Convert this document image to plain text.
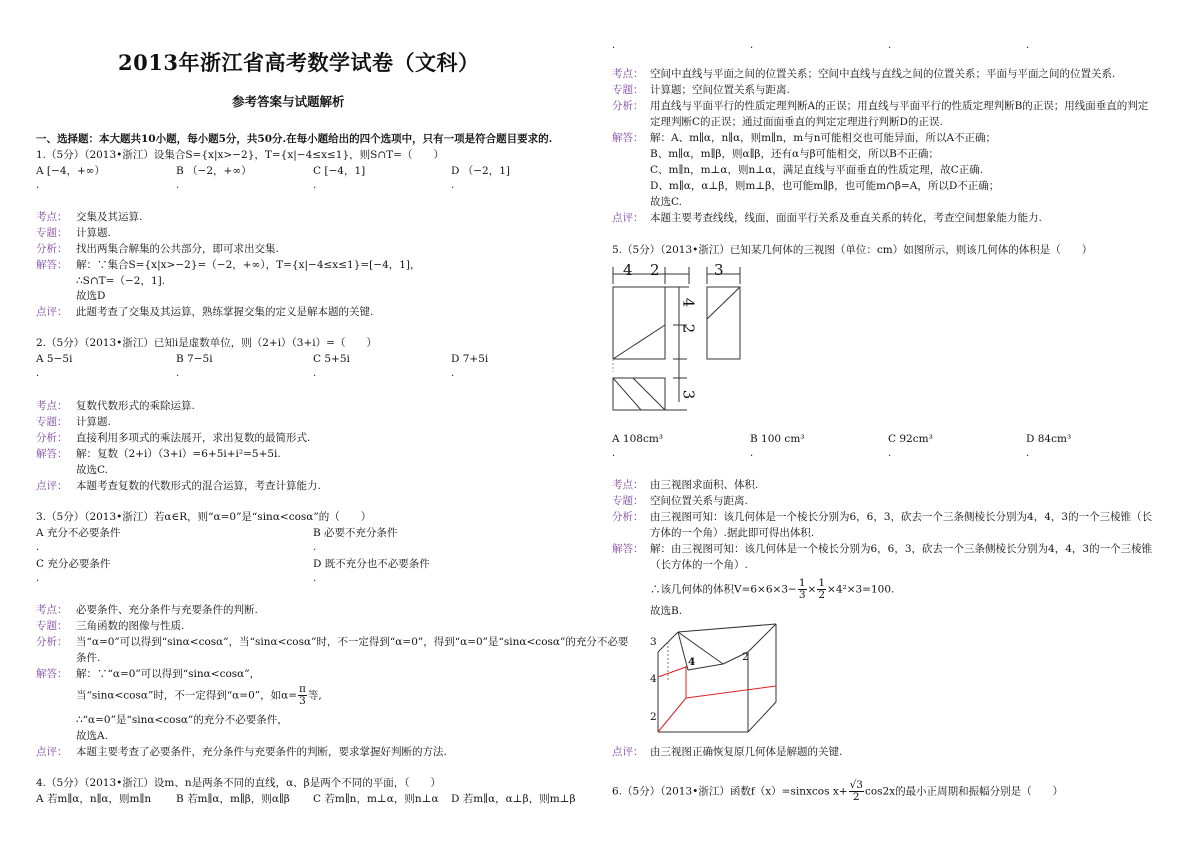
2013年浙江省高考数学试卷（文科）
参考答案与试题解析
一、选择题：本大题共10小题，每小题5分，共50分.在每小题给出的四个选项中，只有一项是符合题目要求的.
1.（5分）（2013•浙江）设集合S={x|x>−2}，T={x|−4≤x≤1}，则S∩T=（　　）
A [−4，+∞）	B （−2，+∞）	C [−4，1]	D （−2，1]
.	.	.	.
考点： 交集及其运算.
专题： 计算题.
分析： 找出两集合解集的公共部分，即可求出交集.
解答： 解：∵集合S={x|x>−2}=（−2，+∞），T={x|−4≤x≤1}=[−4，1]，
∴S∩T=（−2，1].
故选D
点评： 此题考查了交集及其运算，熟练掌握交集的定义是解本题的关键.
2.（5分）（2013•浙江）已知i是虚数单位，则（2+i）（3+i）=（　　）
A 5−5i	B 7−5i	C 5+5i	D 7+5i
.	.	.	.
考点： 复数代数形式的乘除运算.
专题： 计算题.
分析： 直接利用多项式的乘法展开，求出复数的最简形式.
解答： 解：复数（2+i）（3+i）=6+5i+i²=5+5i.
故选C.
点评： 本题考查复数的代数形式的混合运算，考查计算能力.
3.（5分）（2013•浙江）若α∈R，则“α=0”是“sinα<cosα”的（　　）
A 充分不必要条件	B 必要不充分条件
.	.
C 充分必要条件	D 既不充分也不必要条件
.	.
考点： 必要条件、充分条件与充要条件的判断.
专题： 三角函数的图像与性质.
分析： 当“α=0”可以得到“sinα<cosα”，当“sinα<cosα”时，不一定得到“α=0”，得到“α=0”是“sinα<cosα”的充分不必要
条件.
解答： 解：∵“α=0”可以得到“sinα<cosα”，
当“sinα<cosα”时，不一定得到“α=0”，如$\alpha= \frac{\pi}{3}$ 等,
∴“α=0”是“sinα<cosα”的充分不必要条件，
故选A.
点评： 本题主要考查了必要条件，充分条件与充要条件的判断，要求掌握好判断的方法.
4.（5分）（2013•浙江）设m、n是两条不同的直线，α、β是两个不同的平面，（　　）
A 若m∥α，n∥α，则m∥n B 若m∥α，m∥β，则α∥β C 若m∥n，m⊥α，则n⊥α D 若m∥α，α⊥β，则m⊥β
.	.	.	.
考点： 空间中直线与平面之间的位置关系；空间中直线与直线之间的位置关系；平面与平面之间的位置关系.
专题： 计算题；空间位置关系与距离.
分析： 用直线与平面平行的性质定理判断A的正误；用直线与平面平行的性质定理判断B的正误；用线面垂直的判定
定理判断C的正误；通过面面垂直的判定定理进行判断D的正误.
解答： 解：A、m∥α，n∥α，则m∥n，m与n可能相交也可能异面，所以A不正确；
B、m∥α，m∥β，则α∥β，还有α与β可能相交，所以B不正确；
C、m∥n，m⊥α，则n⊥α，满足直线与平面垂直的性质定理，故C正确.
D、m∥α，α⊥β，则m⊥β，也可能m∥β，也可能m∩β=A，所以D不正确；
故选C.
点评： 本题主要考查线线，线面，面面平行关系及垂直关系的转化，考查空间想象能力能力.
5.（5分）（2013•浙江）已知某几何体的三视图（单位：cm）如图所示，则该几何体的体积是（　　）
4 2	3
4
2
3
A 108cm³	B 100 cm³	C 92cm³	D 84cm³
.	.	.	.
考点： 由三视图求面积、体积.
专题： 空间位置关系与距离.
分析： 由三视图可知：该几何体是一个棱长分别为6，6，3，砍去一个三条侧棱长分别为4，4，3的一个三棱锥（长
方体的一个角）.据此即可得出体积.
解答： 解：由三视图可知：该几何体是一个棱长分别为6，6，3，砍去一个三条侧棱长分别为4，4，3的一个三棱锥
（长方体的一个角）.
∴该几何体的体积$V=6\times 6\times 3- \frac{1}{3} \times \frac{1}{2} \times 4^2\times 3=100$.
故选B.
3
4
4
2
2
点评： 由三视图正确恢复原几何体是解题的关键.
6.（5分）（2013•浙江）函数f（x）=sinxcos $x+ \frac{√3}{2} \cos 2x$的最小正周期和振幅分别是（　　）
